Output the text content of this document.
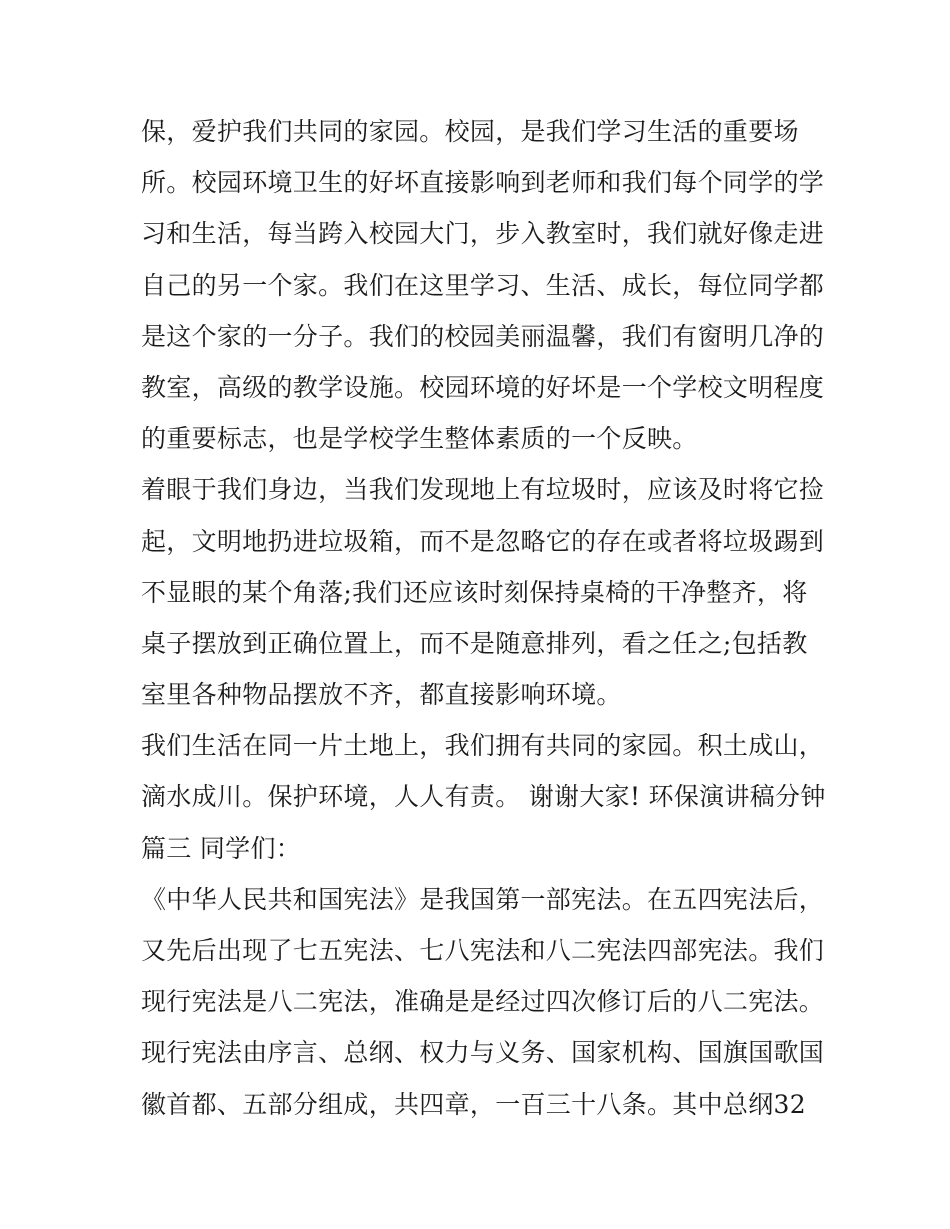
保，爱护我们共同的家园。校园，是我们学习生活的重要场
所。校园环境卫生的好坏直接影响到老师和我们每个同学的学
习和生活，每当跨入校园大门，步入教室时，我们就好像走进
自己的另一个家。我们在这里学习、生活、成长，每位同学都
是这个家的一分子。我们的校园美丽温馨，我们有窗明几净的
教室，高级的教学设施。校园环境的好坏是一个学校文明程度
的重要标志，也是学校学生整体素质的一个反映。
着眼于我们身边，当我们发现地上有垃圾时，应该及时将它捡
起，文明地扔进垃圾箱，而不是忽略它的存在或者将垃圾踢到
不显眼的某个角落;我们还应该时刻保持桌椅的干净整齐，将
桌子摆放到正确位置上，而不是随意排列，看之任之;包括教
室里各种物品摆放不齐，都直接影响环境。
我们生活在同一片土地上，我们拥有共同的家园。积土成山，
滴水成川。保护环境，人人有责。 谢谢大家! 环保演讲稿分钟
篇三 同学们：
《中华人民共和国宪法》是我国第一部宪法。在五四宪法后，
又先后出现了七五宪法、七八宪法和八二宪法四部宪法。我们
现行宪法是八二宪法，准确是是经过四次修订后的八二宪法。
现行宪法由序言、总纲、权力与义务、国家机构、国旗国歌国
徽首都、五部分组成，共四章，一百三十八条。其中总纲32
